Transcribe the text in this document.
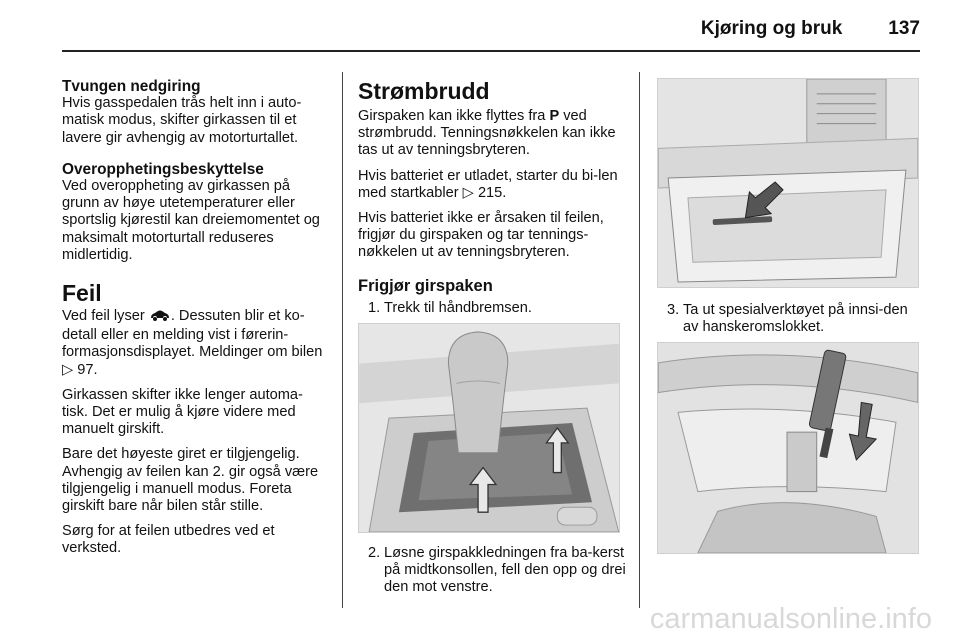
Kjøring og bruk 137
Tvungen nedgiring

Hvis gasspedalen trås helt inn i auto-matisk modus, skifter girkassen til et lavere gir avhengig av motorturtallet.

Overopphetingsbeskyttelse

Ved overoppheting av girkassen på grunn av høye utetemperaturer eller sportslig kjørestil kan dreiemomentet og maksimalt motorturtall reduseres midlertidig.

Feil

Ved feil lyser . Dessuten blir et ko-detall eller en melding vist i førerin-formasjonsdisplayet. Meldinger om bilen ▷ 97.

Girkassen skifter ikke lenger automa-tisk. Det er mulig å kjøre videre med manuelt girskift.

Bare det høyeste giret er tilgjengelig. Avhengig av feilen kan 2. gir også være tilgjengelig i manuell modus. Foreta girskift bare når bilen står stille.

Sørg for at feilen utbedres ved et verksted.

Strømbrudd

Girspaken kan ikke flyttes fra P ved strømbrudd. Tenningsnøkkelen kan ikke tas ut av tenningsbryteren.

Hvis batteriet er utladet, starter du bi-len med startkabler ▷ 215.

Hvis batteriet ikke er årsaken til feilen, frigjør du girspaken og tar tennings-nøkkelen ut av tenningsbryteren.

Frigjør girspaken
1. Trekk til håndbremsen.
2. Løsne girspakkledningen fra ba-kerst på midtkonsollen, fell den opp og drei den mot venstre.
3. Ta ut spesialverktøyet på innsi-den av hanskeromslokket.
carmanualsonline.info
